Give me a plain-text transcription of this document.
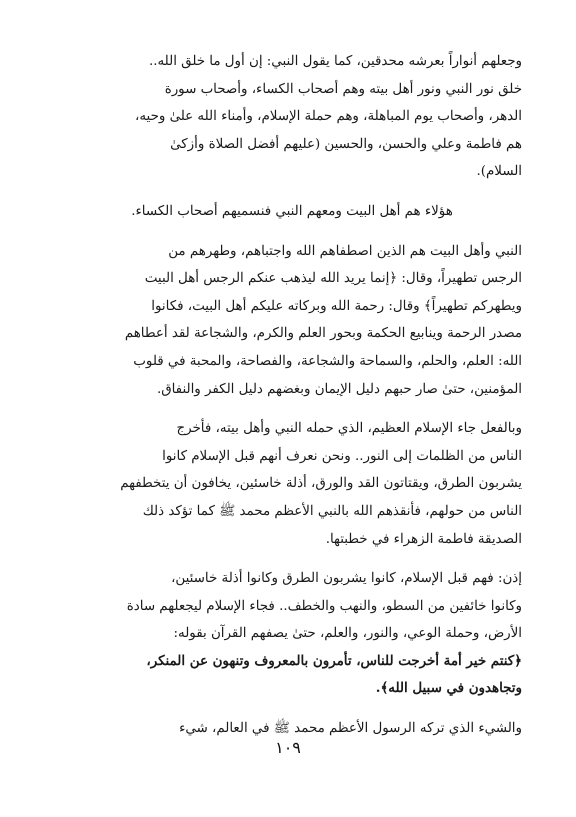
وجعلهم أنواراً بعرشه محدقين، كما يقول النبي: إن أول ما خلق الله..

خلق نور النبي ونور أهل بيته وهم أصحاب الكساء، وأصحاب سورة

الدهر، وأصحاب يوم المباهلة، وهم حملة الإسلام، وأمناء الله علىٰ وحيه،

هم فاطمة وعلي والحسن، والحسين (عليهم أفضل الصلاة وأزكىٰ

السلام).

هؤلاء هم أهل البيت ومعهم النبي فنسميهم أصحاب الكساء.

النبي وأهل البيت هم الذين اصطفاهم الله واجتباهم، وطهرهم من

الرجس تطهيراً، وقال: ﴿إنما يريد الله ليذهب عنكم الرجس أهل البيت

ويطهركم تطهيراً﴾ وقال: رحمة الله وبركاته عليكم أهل البيت، فكانوا

مصدر الرحمة وينابيع الحكمة وبحور العلم والكرم، والشجاعة لقد أعطاهم

الله: العلم، والحلم، والسماحة والشجاعة، والفصاحة، والمحبة في قلوب

المؤمنين، حتىٰ صار حبهم دليل الإيمان وبغضهم دليل الكفر والنفاق.

وبالفعل جاء الإسلام العظيم، الذي حمله النبي وأهل بيته، فأخرج

الناس من الظلمات إلى النور.. ونحن نعرف أنهم قبل الإسلام كانوا

يشربون الطرق، ويقتاتون القد والورق، أذلة خاسئين، يخافون أن يتخطفهم

الناس من حولهم، فأنقذهم الله بالنبي الأعظم محمد ﷺ كما تؤكد ذلك

الصديقة فاطمة الزهراء في خطبتها.

إذن: فهم قبل الإسلام، كانوا يشربون الطرق وكانوا أذلة خاسئين،

وكانوا خائفين من السطو، والنهب والخطف.. فجاء الإسلام ليجعلهم سادة

الأرض، وحملة الوعي، والنور، والعلم، حتىٰ يصفهم القرآن بقوله:

﴿كنتم خير أمة أخرجت للناس، تأمرون بالمعروف وتنهون عن المنكر،

وتجاهدون في سبيل الله﴾.

والشيء الذي تركه الرسول الأعظم محمد ﷺ في العالم، شيء

١٠٩
